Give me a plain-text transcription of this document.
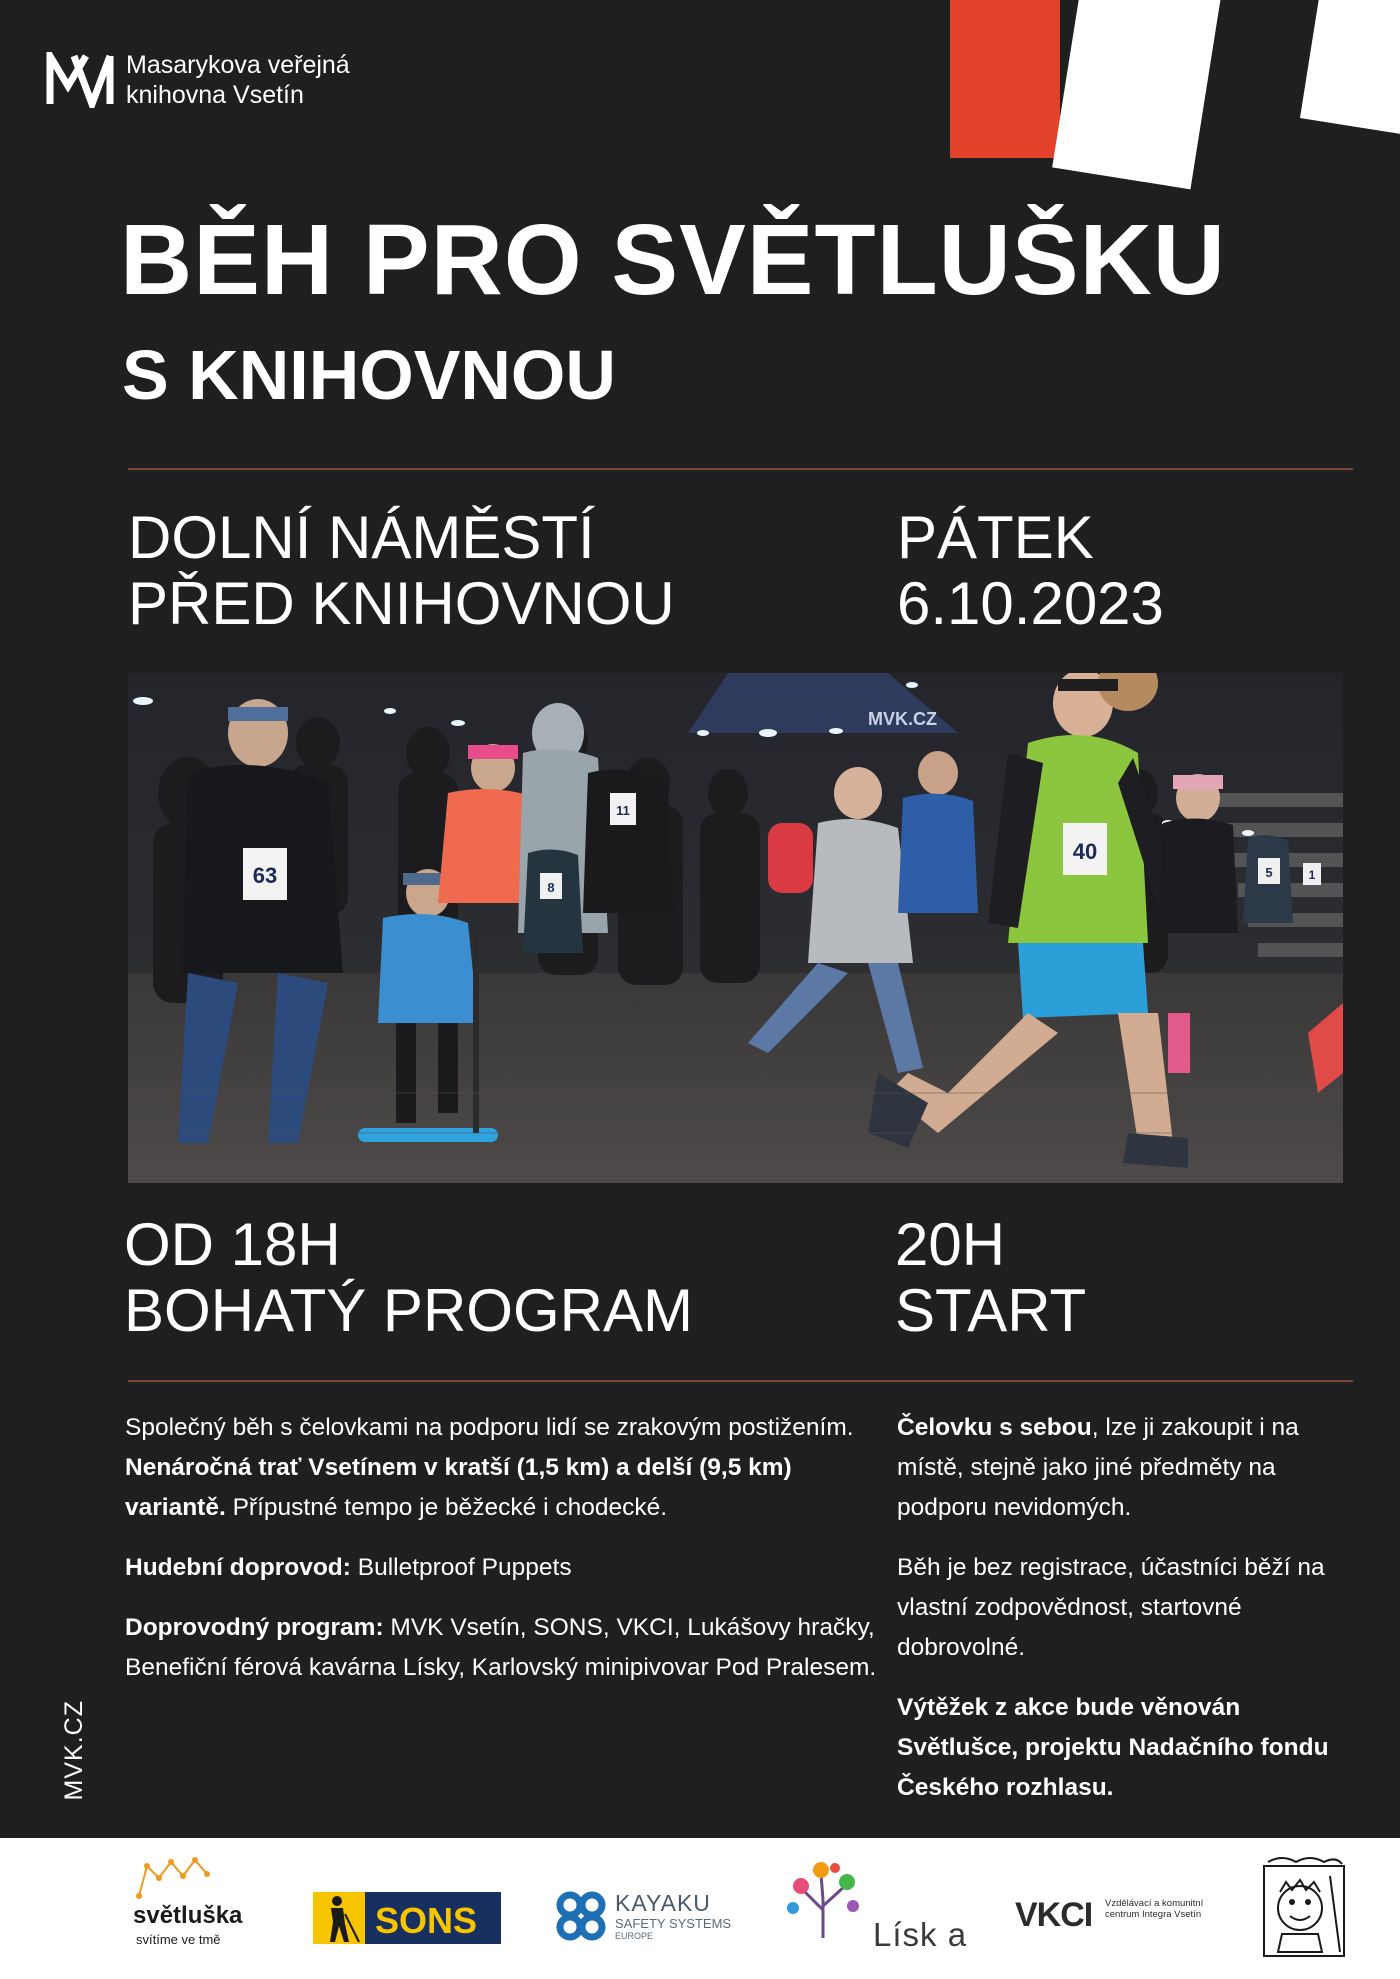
Masarykova veřejná
knihovna Vsetín
BĚH PRO SVĚTLUŠKU
S KNIHOVNOU
DOLNÍ NÁMĚSTÍ
PŘED KNIHOVNOU
PÁTEK
6.10.2023
MVK.CZ
63
11
8
40
5	1
OD 18H
BOHATÝ PROGRAM
20H
START
Společný běh s čelovkami na podporu lidí se zrakovým postižením. Nenáročná trať Vsetínem v kratší (1,5 km) a delší (9,5 km) variantě. Přípustné tempo je běžecké i chodecké.
Hudební doprovod: Bulletproof Puppets
Doprovodný program: MVK Vsetín, SONS, VKCI, Lukášovy hračky, Benefiční férová kavárna Lísky, Karlovský minipivovar Pod Pralesem.
Čelovku s sebou, lze ji zakoupit i na místě, stejně jako jiné předměty na podporu nevidomých.
Běh je bez registrace, účastníci běží na vlastní zodpovědnost, startovné dobrovolné.
Výtěžek z akce bude věnován Světlušce, projektu Nadačního fondu Českého rozhlasu.
MVK.CZ
světluška
svítíme ve tmě	SONS	KAYAKU
SAFETY SYSTEMS
EUROPE	Lísk a
VKCI Vzdělávací a komunitní centrum Integra Vsetín
